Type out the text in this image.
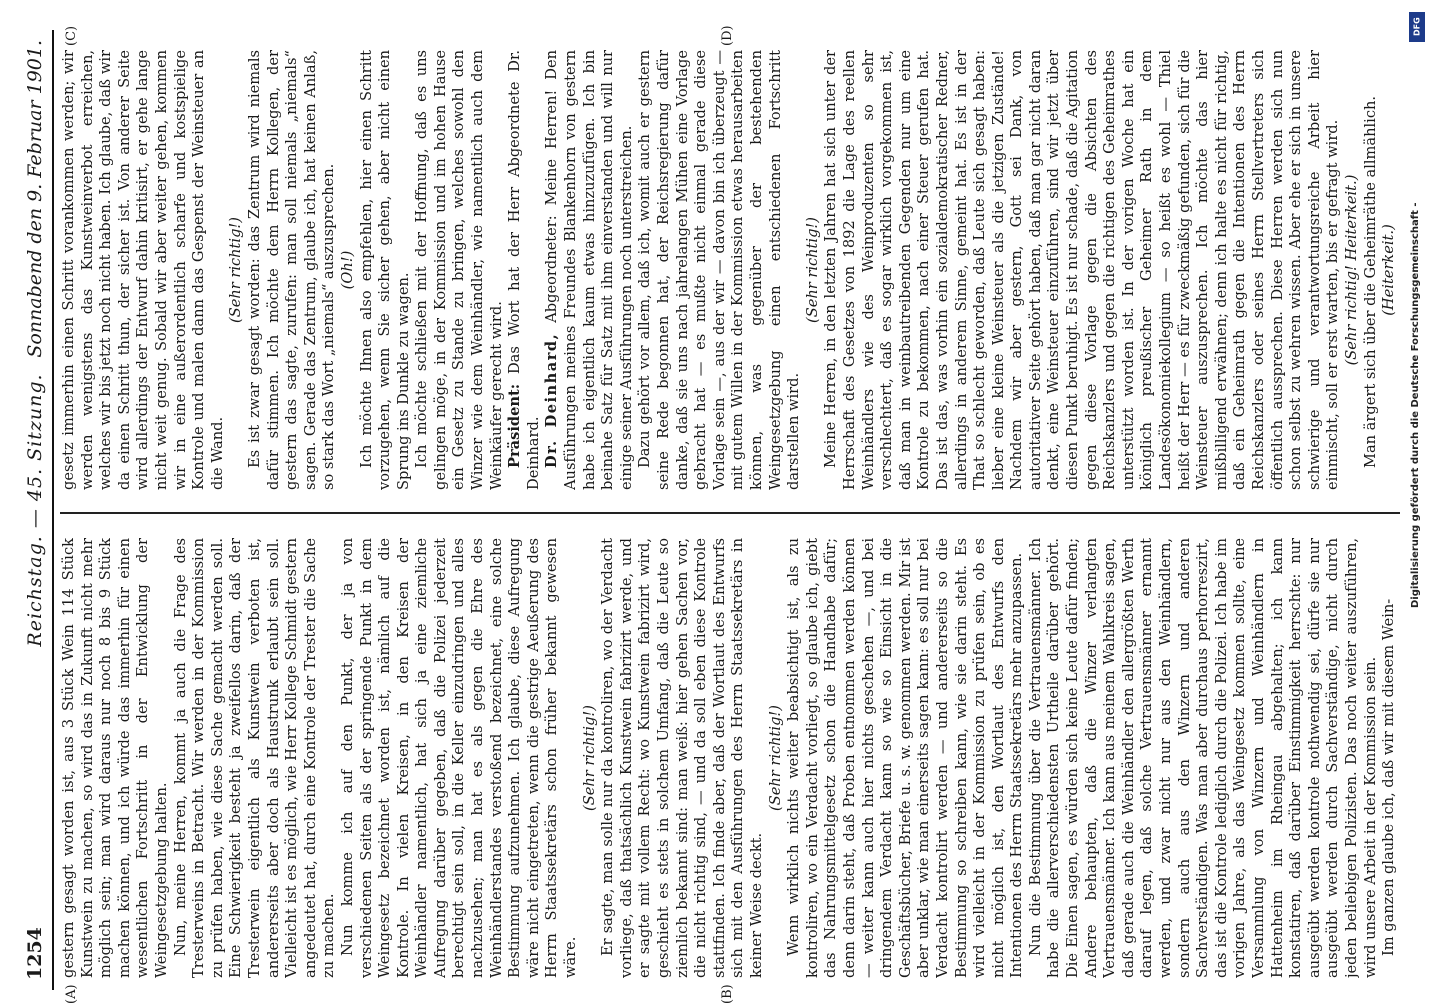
1254
Reichstag. — 45. Sitzung.
Sonnabend den 9. Februar 1901.

gestern gesagt worden ist, aus 3 Stück Wein 114 Stück Kunstwein zu machen, so wird das in Zukunft nicht mehr möglich sein; man wird daraus nur noch 8 bis 9 Stück machen können, und ich würde das immerhin für einen wesentlichen Fortschritt in der Entwicklung der Weingesetzgebung halten. Nun, meine Herren, kommt ja auch die Frage des Tresterweins in Betracht. Wir werden in der Kommission zu prüfen haben, wie diese Sache gemacht werden soll. Eine Schwierigkeit besteht ja zweifellos darin, daß der Tresterwein eigentlich als Kunstwein verboten ist, andererseits aber doch als Haustrunk erlaubt sein soll. Vielleicht ist es möglich, wie Herr Kollege Schmidt gestern angedeutet hat, durch eine Kontrole der Trester die Sache zu machen. Nun komme ich auf den Punkt, der ja von verschiedenen Seiten als der springende Punkt in dem Weingesetz bezeichnet worden ist, nämlich auf die Kontrole. In vielen Kreisen, in den Kreisen der Weinhändler namentlich, hat sich ja eine ziemliche Aufregung darüber gegeben, daß die Polizei jederzeit berechtigt sein soll, in die Keller einzudringen und alles nachzusehen; man hat es als gegen die Ehre des Weinhändlerstandes verstoßend bezeichnet, eine solche Bestimmung aufzunehmen. Ich glaube, diese Aufregung wäre nicht eingetreten, wenn die gestrige Aeußerung des Herrn Staatssekretärs schon früher bekannt gewesen wäre.

(Sehr richtig!) Er sagte, man solle nur da kontroliren, wo der Verdacht vorliege, daß thatsächlich Kunstwein fabrizirt werde, und er sagte mit vollem Recht: wo Kunstwein fabrizirt wird, geschieht es stets in solchem Umfang, daß die Leute so ziemlich bekannt sind: man weiß: hier gehen Sachen vor, die nicht richtig sind, — und da soll eben diese Kontrole stattfinden. Ich finde aber, daß der Wortlaut des Entwurfs sich mit den Ausführungen des Herrn Staatssekretärs in keiner Weise deckt.

(Sehr richtig!) Wenn wirklich nichts weiter beabsichtigt ist, als zu kontroliren, wo ein Verdacht vorliegt, so glaube ich, giebt das Nahrungsmittelgesetz schon die Handhabe dafür; denn darin steht, daß Proben entnommen werden können — weiter kann auch hier nichts geschehen —, und bei dringendem Verdacht kann so wie so Einsicht in die Geschäftsbücher, Briefe u. s. w. genommen werden. Mir ist aber unklar, wie man einerseits sagen kann: es soll nur bei Verdacht kontrolirt werden — und andererseits so die Bestimmung so schreiben kann, wie sie darin steht. Es wird vielleicht in der Kommission zu prüfen sein, ob es nicht möglich ist, den Wortlaut des Entwurfs den Intentionen des Herrn Staatssekretärs mehr anzupassen. Nun die Bestimmung über die Vertrauensmänner. Ich habe die allerverschiedensten Urtheile darüber gehört. Die Einen sagen, es würden sich keine Leute dafür finden; Andere behaupten, daß die Winzer verlangten Vertrauensmänner. Ich kann aus meinem Wahlkreis sagen, daß gerade auch die Weinhändler den allergrößten Werth darauf legen, daß solche Vertrauensmänner ernannt werden, und zwar nicht nur aus den Weinhändlern, sondern auch aus den Winzern und anderen Sachverständigen. Was man aber durchaus perhorreszirt, das ist die Kontrole lediglich durch die Polizei. Ich habe im vorigen Jahre, als das Weingesetz kommen sollte, eine Versammlung von Winzern und Weinhändlern in Hattenheim im Rheingau abgehalten; ich kann konstatiren, daß darüber Einstimmigkeit herrschte: nur ausgeübt werden kontrole nothwendig sei, dürfe sie nur ausgeübt werden durch Sachverständige, nicht durch jeden beliebigen Polizisten. Das noch weiter auszuführen, wird unsere Arbeit in der Kommission sein. Im ganzen glaube ich, daß wir mit diesem Wein-

gesetz immerhin einen Schritt vorankommen werden; wir werden wenigstens das Kunstweinverbot erreichen, welches wir bis jetzt noch nicht haben. Ich glaube, daß wir da einen Schritt thun, der sicher ist. Von anderer Seite wird allerdings der Entwurf dahin kritisirt, er gehe lange nicht weit genug. Sobald wir aber weiter gehen, kommen wir in eine außerordentlich scharfe und kostspielige Kontrole und malen dann das Gespenst der Weinsteuer an die Wand.

(Sehr richtig!) Es ist zwar gesagt worden: das Zentrum wird niemals dafür stimmen. Ich möchte dem Herrn Kollegen, der gestern das sagte, zurufen: man soll niemals „niemals“ sagen. Gerade das Zentrum, glaube ich, hat keinen Anlaß, so stark das Wort „niemals“ auszusprechen. (Oh!) Ich möchte Ihnen also empfehlen, hier einen Schritt vorzugehen, wenn Sie sicher gehen, aber nicht einen Sprung ins Dunkle zu wagen. Ich möchte schließen mit der Hoffnung, daß es uns gelingen möge, in der Kommission und im hohen Hause ein Gesetz zu Stande zu bringen, welches sowohl den Winzer wie dem Weinhändler, wie namentlich auch dem Weinkäufer gerecht wird. Präsident: Das Wort hat der Herr Abgeordnete Dr. Deinhard. Dr. Deinhard, Abgeordneter: Meine Herren! Den Ausführungen meines Freundes Blankenhorn von gestern habe ich eigentlich kaum etwas hinzuzufügen. Ich bin beinahe Satz für Satz mit ihm einverstanden und will nur einige seiner Ausführungen noch unterstreichen. Dazu gehört vor allem, daß ich, womit auch er gestern seine Rede begonnen hat, der Reichsregierung dafür danke, daß sie uns nach jahrelangen Mühen eine Vorlage gebracht hat — es mußte nicht einmal gerade diese Vorlage sein —, aus der wir — davon bin ich überzeugt — mit gutem Willen in der Kommission etwas herausarbeiten können, was gegenüber der bestehenden Weingesetzgebung einen entschiedenen Fortschritt darstellen wird.

(Sehr richtig!) Meine Herren, in den letzten Jahren hat sich unter der Herrschaft des Gesetzes von 1892 die Lage des reellen Weinhändlers wie des Weinproduzenten so sehr verschlechtert, daß es sogar wirklich vorgekommen ist, daß man in weinbautreibenden Gegenden nur um eine Kontrole zu bekommen, nach einer Steuer gerufen hat. Das ist das, was vorhin ein sozialdemokratischer Redner, allerdings in anderem Sinne, gemeint hat. Es ist in der That so schlecht geworden, daß Leute sich gesagt haben: lieber eine kleine Weinsteuer als die jetzigen Zustände! Nachdem wir aber gestern, Gott sei Dank, von autoritativer Seite gehört haben, daß man gar nicht daran denkt, eine Weinsteuer einzuführen, sind wir jetzt über diesen Punkt beruhigt. Es ist nur schade, daß die Agitation gegen diese Vorlage gegen die Absichten des Reichskanzlers und gegen die richtigen des Geheimrathes unterstützt worden ist. In der vorigen Woche hat ein königlich preußischer Geheimer Rath in dem Landesökonomiekollegium — so heißt es wohl — Thiel heißt der Herr — es für zweckmäßig gefunden, sich für die Weinsteuer auszusprechen. Ich möchte das hier mißbilligend erwähnen; denn ich halte es nicht für richtig, daß ein Geheimrath gegen die Intentionen des Herrn Reichskanzlers oder seines Herrn Stellvertreters sich öffentlich aussprechen. Diese Herren werden sich nun schon selbst zu wehren wissen. Aber ehe er sich in unsere schwierige und verantwortungsreiche Arbeit hier einmischt, soll er erst warten, bis er gefragt wird. (Sehr richtig! Heiterkeit.) Man ärgert sich über die Geheimräthe allmählich. (Heiterkeit.)

(A)	(B)
(C)	(D)	DFG
Digitalisierung gefördert durch die Deutsche Forschungsgemeinschaft -
